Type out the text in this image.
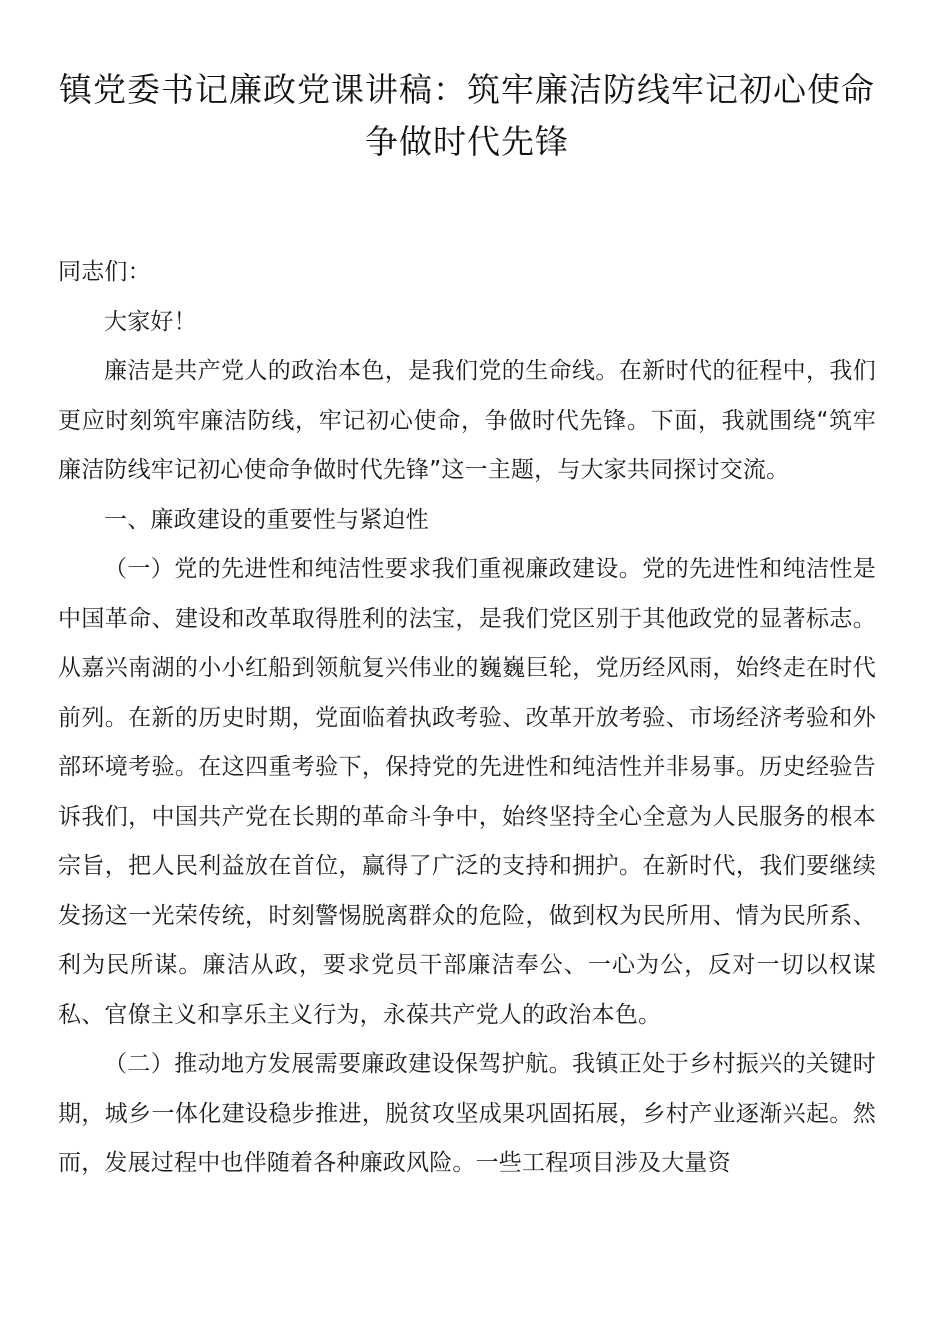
镇党委书记廉政党课讲稿：筑牢廉洁防线牢记初心使命争做时代先锋

同志们：

大家好！

廉洁是共产党人的政治本色，是我们党的生命线。在新时代的征程中，我们更应时刻筑牢廉洁防线，牢记初心使命，争做时代先锋。下面，我就围绕“筑牢廉洁防线牢记初心使命争做时代先锋”这一主题，与大家共同探讨交流。

一、廉政建设的重要性与紧迫性

（一）党的先进性和纯洁性要求我们重视廉政建设。党的先进性和纯洁性是中国革命、建设和改革取得胜利的法宝，是我们党区别于其他政党的显著标志。从嘉兴南湖的小小红船到领航复兴伟业的巍巍巨轮，党历经风雨，始终走在时代前列。在新的历史时期，党面临着执政考验、改革开放考验、市场经济考验和外部环境考验。在这四重考验下，保持党的先进性和纯洁性并非易事。历史经验告诉我们，中国共产党在长期的革命斗争中，始终坚持全心全意为人民服务的根本宗旨，把人民利益放在首位，赢得了广泛的支持和拥护。在新时代，我们要继续发扬这一光荣传统，时刻警惕脱离群众的危险，做到权为民所用、情为民所系、利为民所谋。廉洁从政，要求党员干部廉洁奉公、一心为公，反对一切以权谋私、官僚主义和享乐主义行为，永葆共产党人的政治本色。

（二）推动地方发展需要廉政建设保驾护航。我镇正处于乡村振兴的关键时期，城乡一体化建设稳步推进，脱贫攻坚成果巩固拓展，乡村产业逐渐兴起。然而，发展过程中也伴随着各种廉政风险。一些工程项目涉及大量资
